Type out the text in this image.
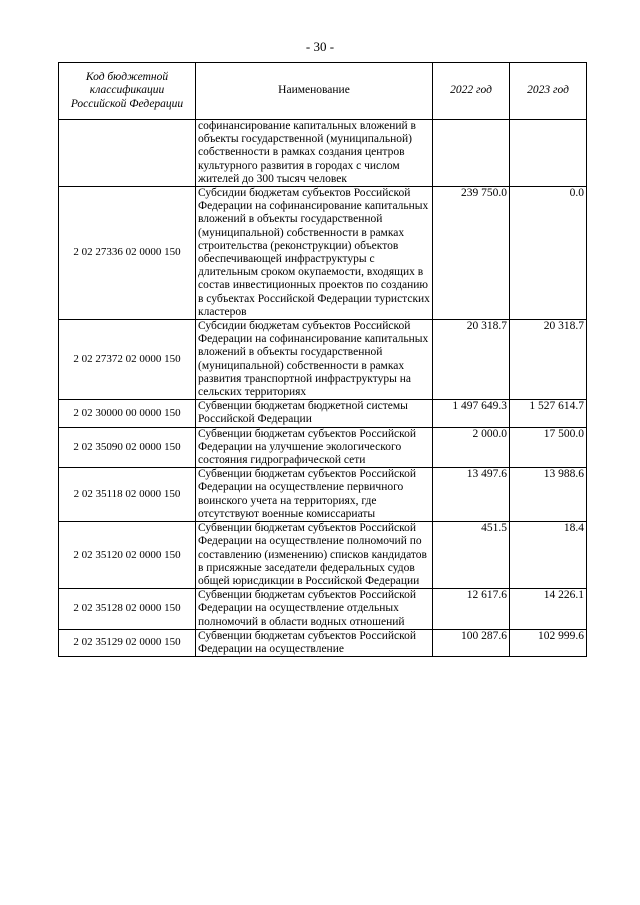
- 30 -
Код бюджетной классификации Российской Федерации	Наименование	2022 год	2023 год
	софинансирование капитальных вложений в объекты государственной (муниципальной) собственности в рамках создания центров культурного развития в городах с числом жителей до 300 тысяч человек		
2 02 27336 02 0000 150	Субсидии бюджетам субъектов Российской Федерации на софинансирование капитальных вложений в объекты государственной (муниципальной) собственности в рамках строительства (реконструкции) объектов обеспечивающей инфраструктуры с длительным сроком окупаемости, входящих в состав инвестиционных проектов по созданию в субъектах Российской Федерации туристских кластеров	239 750.0	0.0
2 02 27372 02 0000 150	Субсидии бюджетам субъектов Российской Федерации на софинансирование капитальных вложений в объекты государственной (муниципальной) собственности в рамках развития транспортной инфраструктуры на сельских территориях	20 318.7	20 318.7
2 02 30000 00 0000 150	Субвенции бюджетам бюджетной системы Российской Федерации	1 497 649.3	1 527 614.7
2 02 35090 02 0000 150	Субвенции бюджетам субъектов Российской Федерации на улучшение экологического состояния гидрографической сети	2 000.0	17 500.0
2 02 35118 02 0000 150	Субвенции бюджетам субъектов Российской Федерации на осуществление первичного воинского учета на территориях, где отсутствуют военные комиссариаты	13 497.6	13 988.6
2 02 35120 02 0000 150	Субвенции бюджетам субъектов Российской Федерации на осуществление полномочий по составлению (изменению) списков кандидатов в присяжные заседатели федеральных судов общей юрисдикции в Российской Федерации	451.5	18.4
2 02 35128 02 0000 150	Субвенции бюджетам субъектов Российской Федерации на осуществление отдельных полномочий в области водных отношений	12 617.6	14 226.1
2 02 35129 02 0000 150	Субвенции бюджетам субъектов Российской Федерации на осуществление	100 287.6	102 999.6
